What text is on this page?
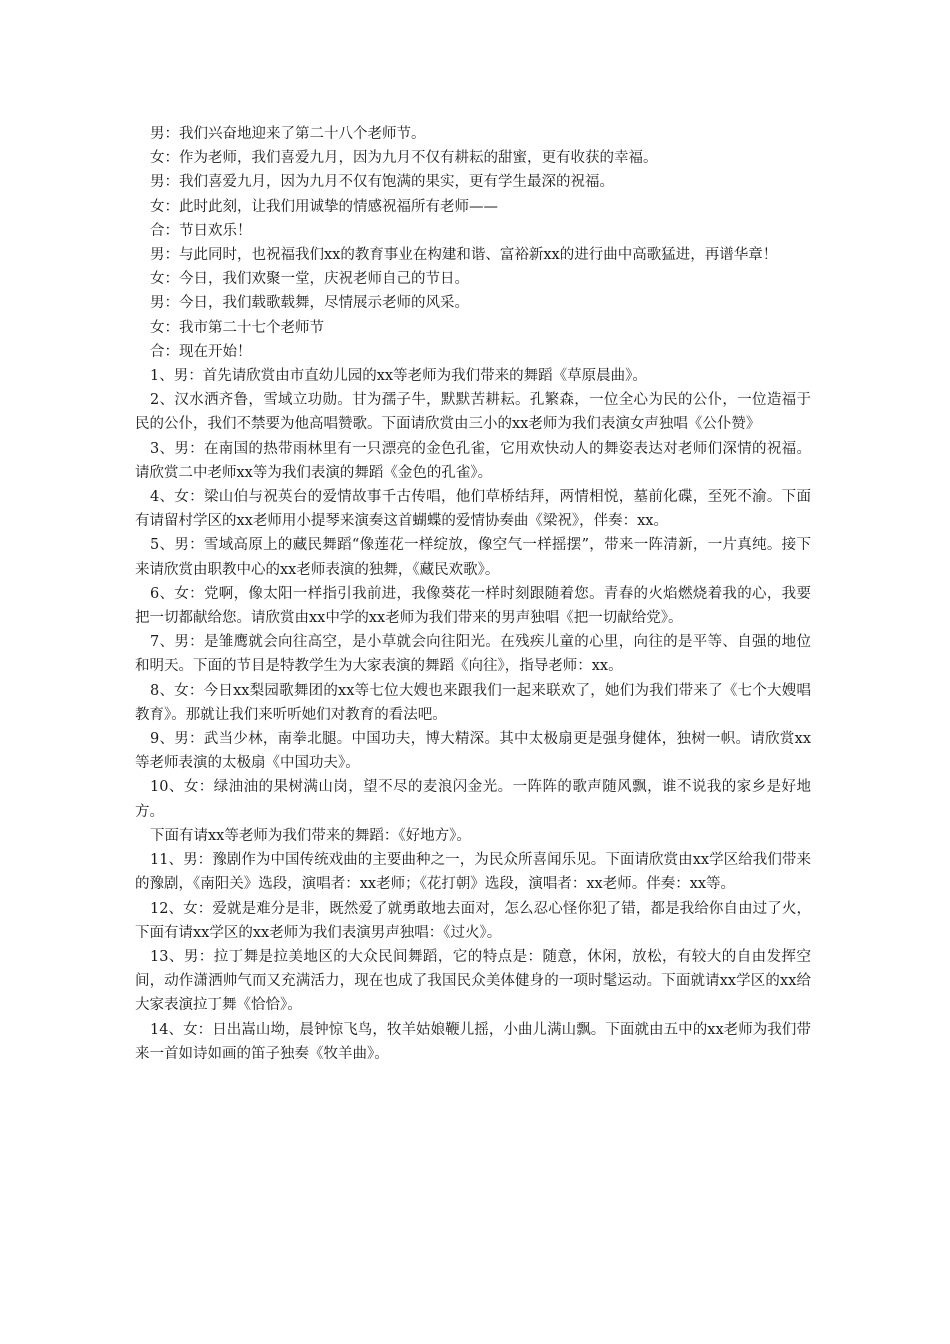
男：我们兴奋地迎来了第二十八个老师节。

女：作为老师，我们喜爱九月，因为九月不仅有耕耘的甜蜜，更有收获的幸福。

男：我们喜爱九月，因为九月不仅有饱满的果实，更有学生最深的祝福。

女：此时此刻，让我们用诚挚的情感祝福所有老师——

合：节日欢乐！

男：与此同时，也祝福我们xx的教育事业在构建和谐、富裕新xx的进行曲中高歌猛进，再谱华章！

女：今日，我们欢聚一堂，庆祝老师自己的节日。

男：今日，我们载歌载舞，尽情展示老师的风采。

女：我市第二十七个老师节

合：现在开始！

1、男：首先请欣赏由市直幼儿园的xx等老师为我们带来的舞蹈《草原晨曲》。

2、汉水洒齐鲁，雪域立功勋。甘为孺子牛，默默苦耕耘。孔繁森，一位全心为民的公仆，一位造福于民的公仆，我们不禁要为他高唱赞歌。下面请欣赏由三小的xx老师为我们表演女声独唱《公仆赞》

3、男：在南国的热带雨林里有一只漂亮的金色孔雀，它用欢快动人的舞姿表达对老师们深情的祝福。请欣赏二中老师xx等为我们表演的舞蹈《金色的孔雀》。

4、女：梁山伯与祝英台的爱情故事千古传唱，他们草桥结拜，两情相悦，墓前化碟，至死不渝。下面有请留村学区的xx老师用小提琴来演奏这首蝴蝶的爱情协奏曲《梁祝》，伴奏：xx。

5、男：雪域高原上的藏民舞蹈“像莲花一样绽放，像空气一样摇摆”，带来一阵清新，一片真纯。接下来请欣赏由职教中心的xx老师表演的独舞，《藏民欢歌》。

6、女：党啊，像太阳一样指引我前进，我像葵花一样时刻跟随着您。青春的火焰燃烧着我的心，我要把一切都献给您。请欣赏由xx中学的xx老师为我们带来的男声独唱《把一切献给党》。

7、男：是雏鹰就会向往高空，是小草就会向往阳光。在残疾儿童的心里，向往的是平等、自强的地位和明天。下面的节目是特教学生为大家表演的舞蹈《向往》，指导老师：xx。

8、女：今日xx梨园歌舞团的xx等七位大嫂也来跟我们一起来联欢了，她们为我们带来了《七个大嫂唱教育》。那就让我们来听听她们对教育的看法吧。

9、男：武当少林，南拳北腿。中国功夫，博大精深。其中太极扇更是强身健体，独树一帜。请欣赏xx等老师表演的太极扇《中国功夫》。

10、女：绿油油的果树满山岗，望不尽的麦浪闪金光。一阵阵的歌声随风飘，谁不说我的家乡是好地方。

下面有请xx等老师为我们带来的舞蹈：《好地方》。

11、男：豫剧作为中国传统戏曲的主要曲种之一，为民众所喜闻乐见。下面请欣赏由xx学区给我们带来的豫剧，《南阳关》选段，演唱者：xx老师；《花打朝》选段，演唱者：xx老师。伴奏：xx等。

12、女：爱就是难分是非，既然爱了就勇敢地去面对，怎么忍心怪你犯了错，都是我给你自由过了火，下面有请xx学区的xx老师为我们表演男声独唱：《过火》。

13、男：拉丁舞是拉美地区的大众民间舞蹈，它的特点是：随意，休闲，放松，有较大的自由发挥空间，动作潇洒帅气而又充满活力，现在也成了我国民众美体健身的一项时髦运动。下面就请xx学区的xx给大家表演拉丁舞《恰恰》。

14、女：日出嵩山坳，晨钟惊飞鸟，牧羊姑娘鞭儿摇，小曲儿满山飘。下面就由五中的xx老师为我们带来一首如诗如画的笛子独奏《牧羊曲》。
